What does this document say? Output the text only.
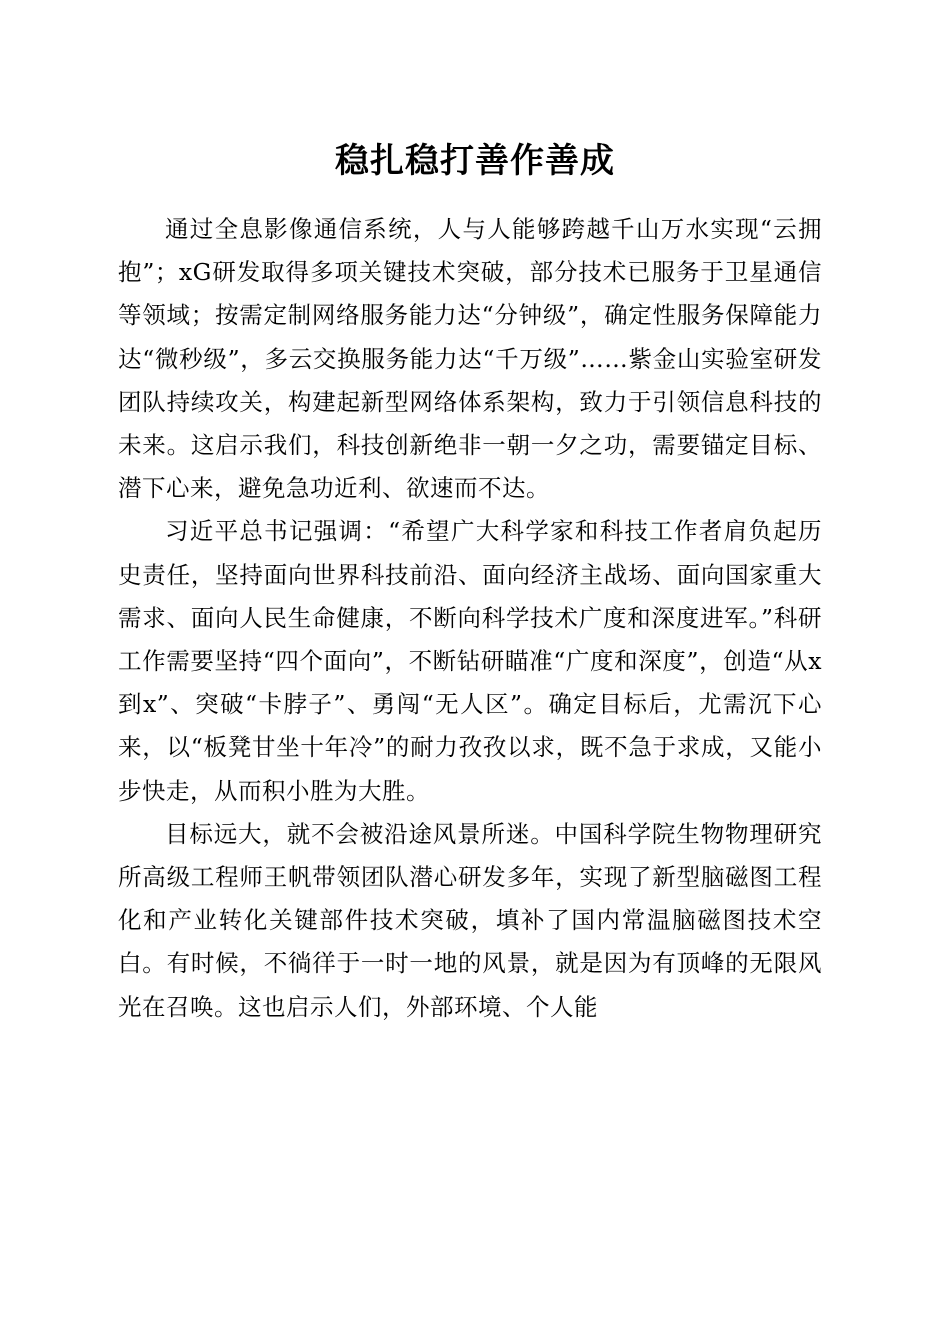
稳扎稳打善作善成

通过全息影像通信系统，人与人能够跨越千山万水实现“云拥抱”；xG研发取得多项关键技术突破，部分技术已服务于卫星通信等领域；按需定制网络服务能力达“分钟级”，确定性服务保障能力达“微秒级”，多云交换服务能力达“千万级”……紫金山实验室研发团队持续攻关，构建起新型网络体系架构，致力于引领信息科技的未来。这启示我们，科技创新绝非一朝一夕之功，需要锚定目标、潜下心来，避免急功近利、欲速而不达。

习近平总书记强调：“希望广大科学家和科技工作者肩负起历史责任，坚持面向世界科技前沿、面向经济主战场、面向国家重大需求、面向人民生命健康，不断向科学技术广度和深度进军。”科研工作需要坚持“四个面向”，不断钻研瞄准“广度和深度”，创造“从x到x”、突破“卡脖子”、勇闯“无人区”。确定目标后，尤需沉下心来，以“板凳甘坐十年冷”的耐力孜孜以求，既不急于求成，又能小步快走，从而积小胜为大胜。

目标远大，就不会被沿途风景所迷。中国科学院生物物理研究所高级工程师王帆带领团队潜心研发多年，实现了新型脑磁图工程化和产业转化关键部件技术突破，填补了国内常温脑磁图技术空白。有时候，不徜徉于一时一地的风景，就是因为有顶峰的无限风光在召唤。这也启示人们，外部环境、个人能
